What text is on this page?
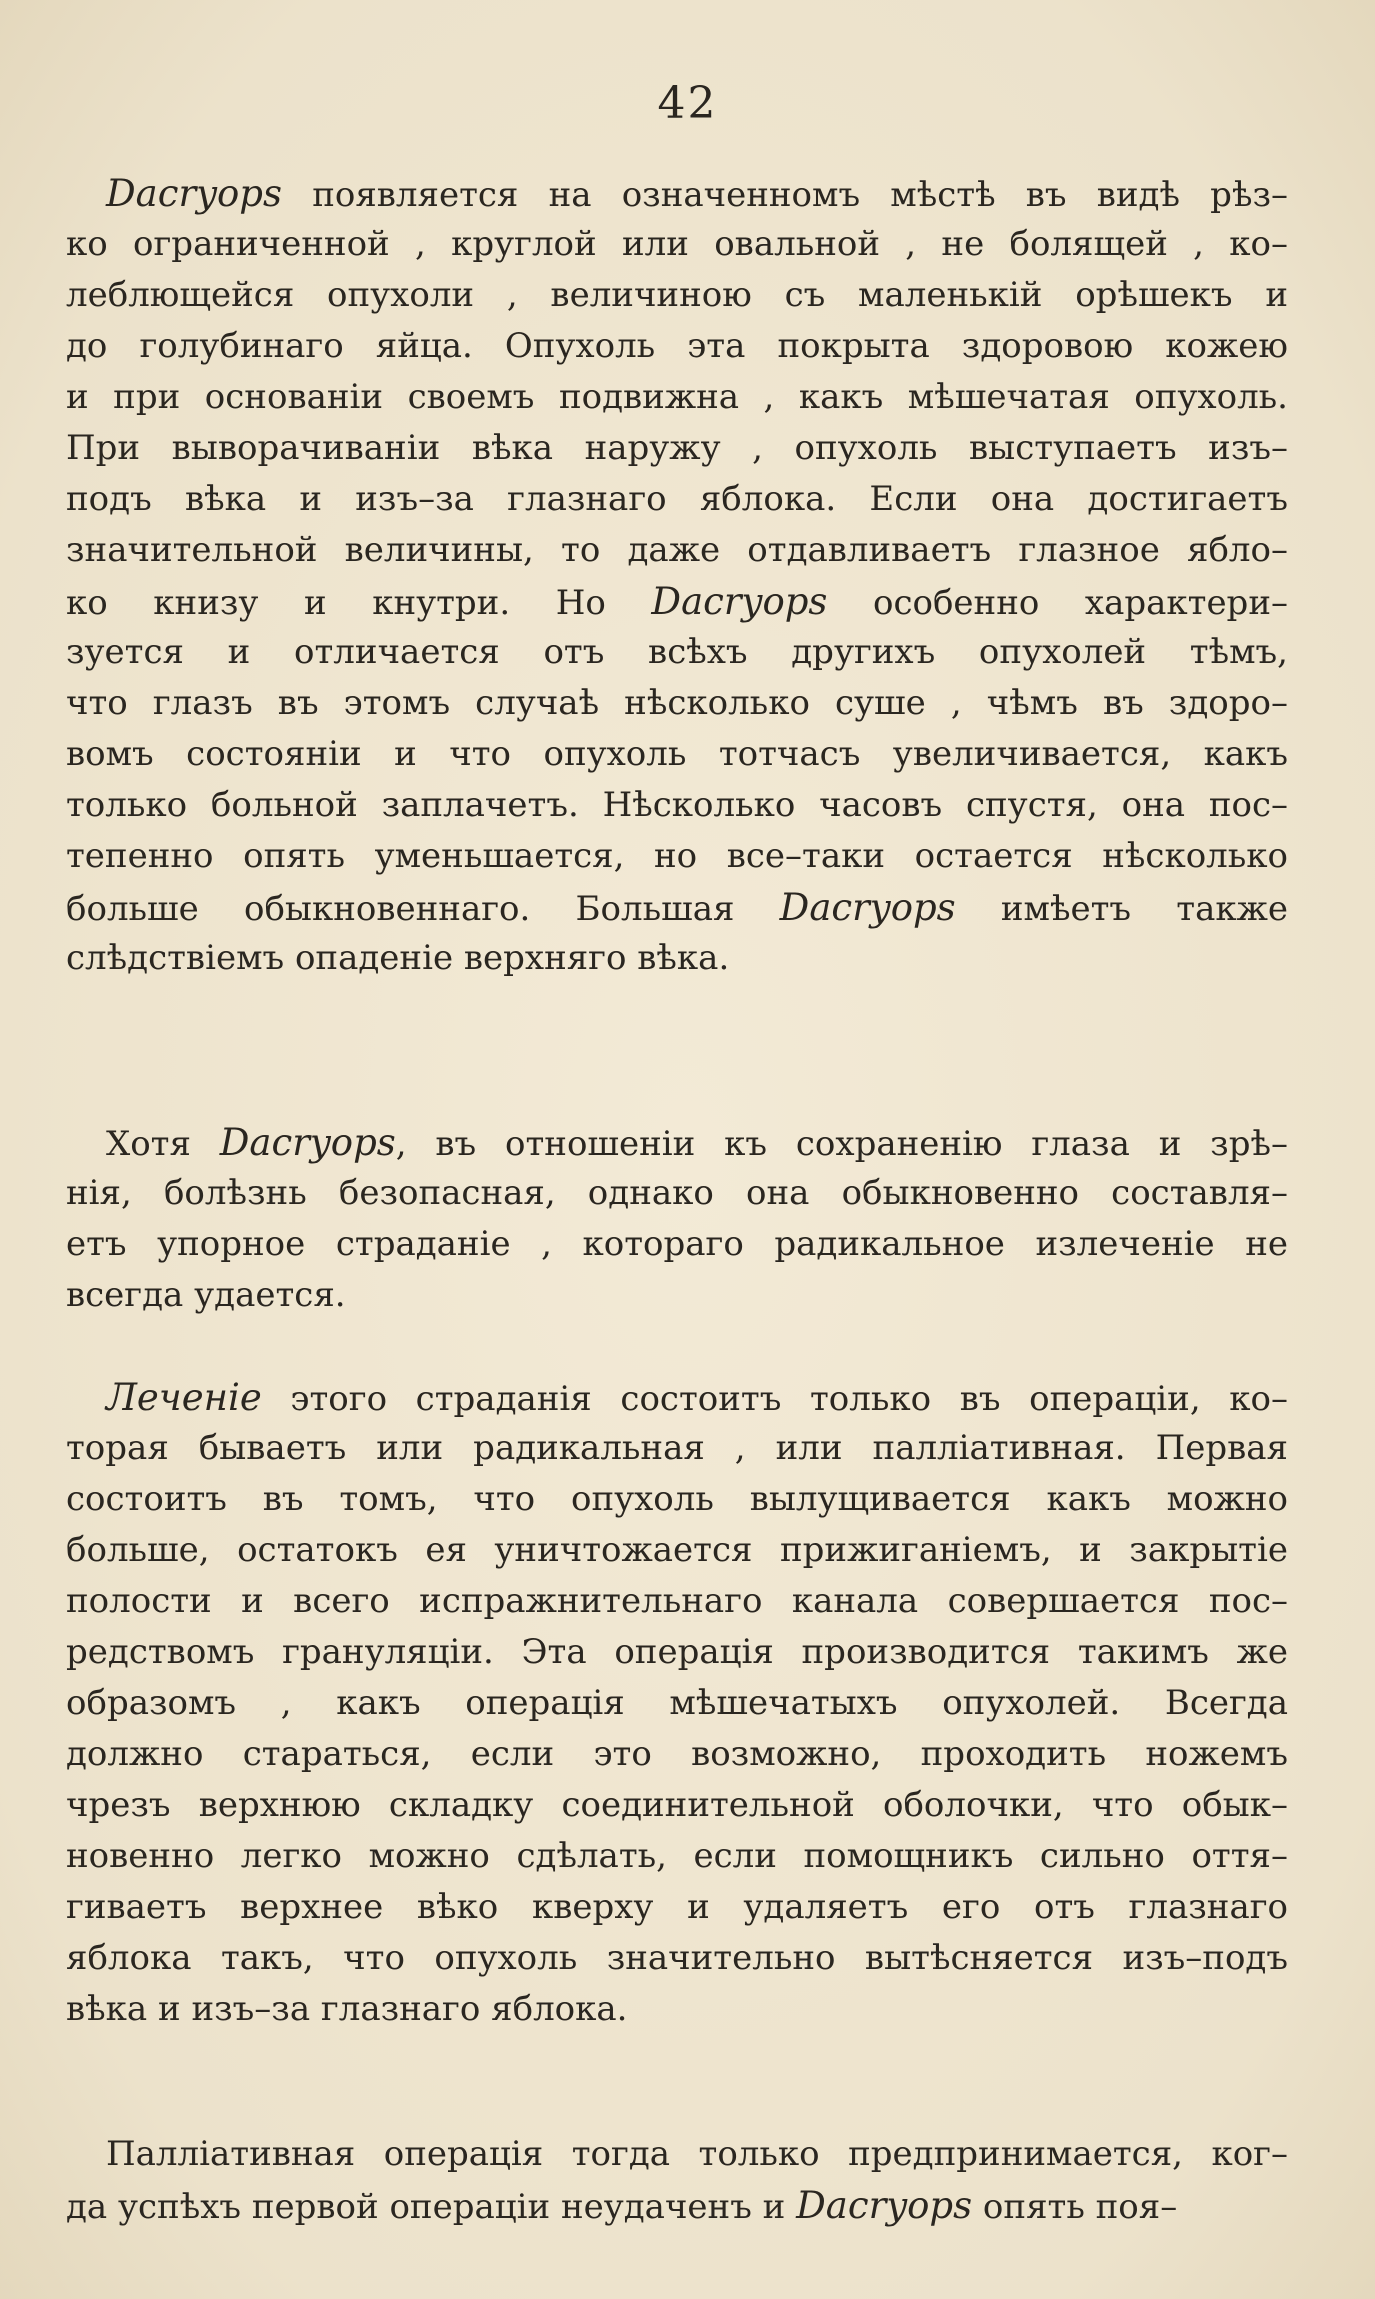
42

Dacryops появляется на означенномъ мѣстѣ въ видѣ рѣз–
ко ограниченной , круглой или овальной , не болящей , ко–
леблющейся опухоли , величиною съ маленькій орѣшекъ и
до голубинаго яйца. Опухоль эта покрыта здоровою кожею
и при основаніи своемъ подвижна , какъ мѣшечатая опухоль.
При выворачиваніи вѣка наружу , опухоль выступаетъ изъ–
подъ вѣка и изъ–за глазнаго яблока. Если она достигаетъ
значительной величины, то даже отдавливаетъ глазное ябло–
ко книзу и кнутри. Но Dacryops особенно характери–
зуется и отличается отъ всѣхъ другихъ опухолей тѣмъ,
что глазъ въ этомъ случаѣ нѣсколько суше , чѣмъ въ здоро–
вомъ состояніи и что опухоль тотчасъ увеличивается, какъ
только больной заплачетъ. Нѣсколько часовъ спустя, она пос–
тепенно опять уменьшается, но все–таки остается нѣсколько
больше обыкновеннаго. Большая Dacryops имѣетъ также
слѣдствіемъ опаденіе верхняго вѣка.

Хотя Dacryops, въ отношеніи къ сохраненію глаза и зрѣ–
нія, болѣзнь безопасная, однако она обыкновенно составля–
етъ упорное страданіе , котораго радикальное излеченіе не
всегда удается.

Леченіе этого страданія состоитъ только въ операціи, ко–
торая бываетъ или радикальная , или палліативная. Первая
состоитъ въ томъ, что опухоль вылущивается какъ можно
больше, остатокъ ея уничтожается прижиганіемъ, и закрытіе
полости и всего испражнительнаго канала совершается пос–
редствомъ грануляціи. Эта операція производится такимъ же
образомъ , какъ операція мѣшечатыхъ опухолей. Всегда
должно стараться, если это возможно, проходить ножемъ
чрезъ верхнюю складку соединительной оболочки, что обык–
новенно легко можно сдѣлать, если помощникъ сильно оття–
гиваетъ верхнее вѣко кверху и удаляетъ его отъ глазнаго
яблока такъ, что опухоль значительно вытѣсняется изъ–подъ
вѣка и изъ–за глазнаго яблока.

Палліативная операція тогда только предпринимается, ког–
да успѣхъ первой операціи неудаченъ и Dacryops опять поя–
